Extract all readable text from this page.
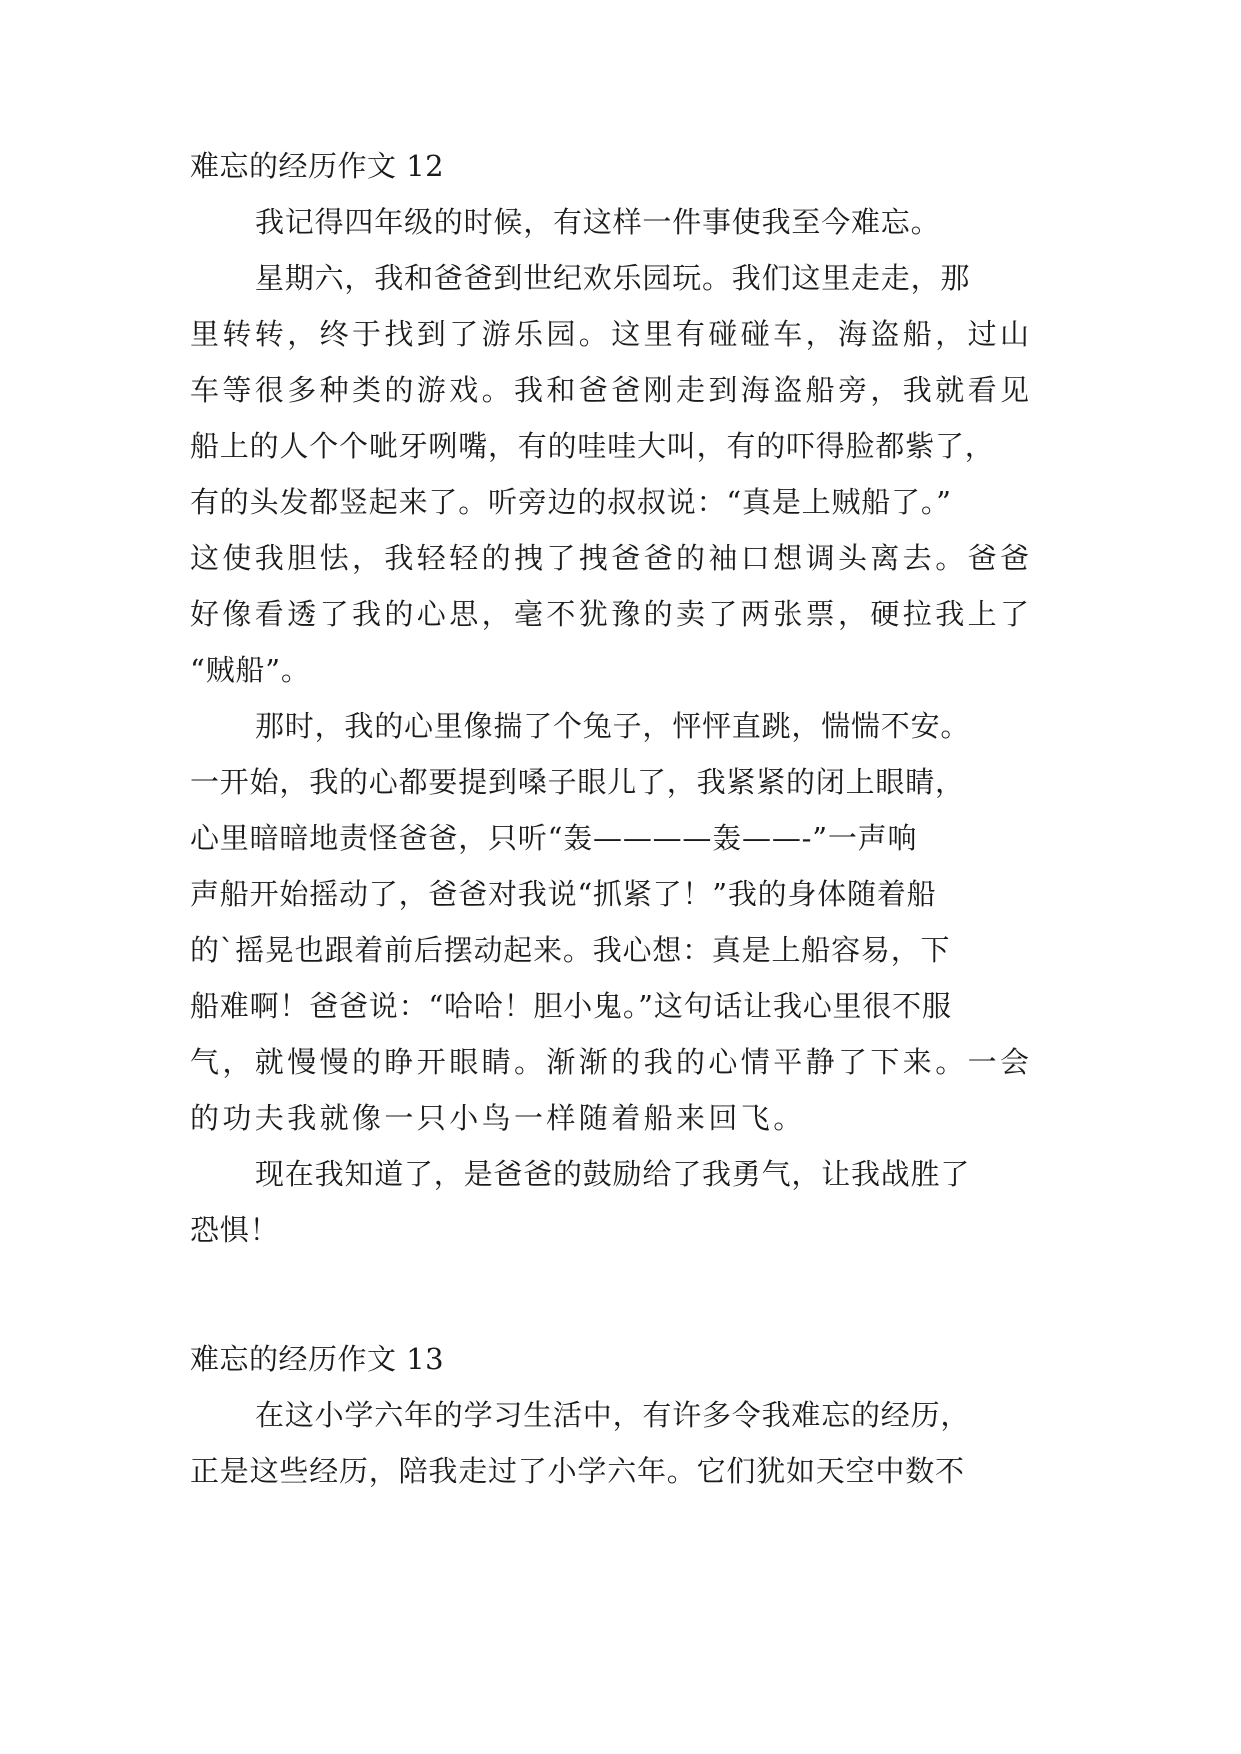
难忘的经历作文 12
我记得四年级的时候，有这样一件事使我至今难忘。
星期六，我和爸爸到世纪欢乐园玩。我们这里走走，那
里转转，终于找到了游乐园。这里有碰碰车，海盗船，过山
车等很多种类的游戏。我和爸爸刚走到海盗船旁，我就看见
船上的人个个呲牙咧嘴，有的哇哇大叫，有的吓得脸都紫了，
有的头发都竖起来了。听旁边的叔叔说：“真是上贼船了。”
这使我胆怯，我轻轻的拽了拽爸爸的袖口想调头离去。爸爸
好像看透了我的心思，毫不犹豫的卖了两张票，硬拉我上了
“贼船”。
那时，我的心里像揣了个兔子，怦怦直跳，惴惴不安。
一开始，我的心都要提到嗓子眼儿了，我紧紧的闭上眼睛，
心里暗暗地责怪爸爸，只听“轰————轰——-”一声响
声船开始摇动了，爸爸对我说“抓紧了！”我的身体随着船
的`摇晃也跟着前后摆动起来。我心想：真是上船容易，下
船难啊！爸爸说：“哈哈！胆小鬼。”这句话让我心里很不服
气，就慢慢的睁开眼睛。渐渐的我的心情平静了下来。一会
的功夫我就像一只小鸟一样随着船来回飞。
现在我知道了，是爸爸的鼓励给了我勇气，让我战胜了
恐惧！
难忘的经历作文 13
在这小学六年的学习生活中，有许多令我难忘的经历，
正是这些经历，陪我走过了小学六年。它们犹如天空中数不
